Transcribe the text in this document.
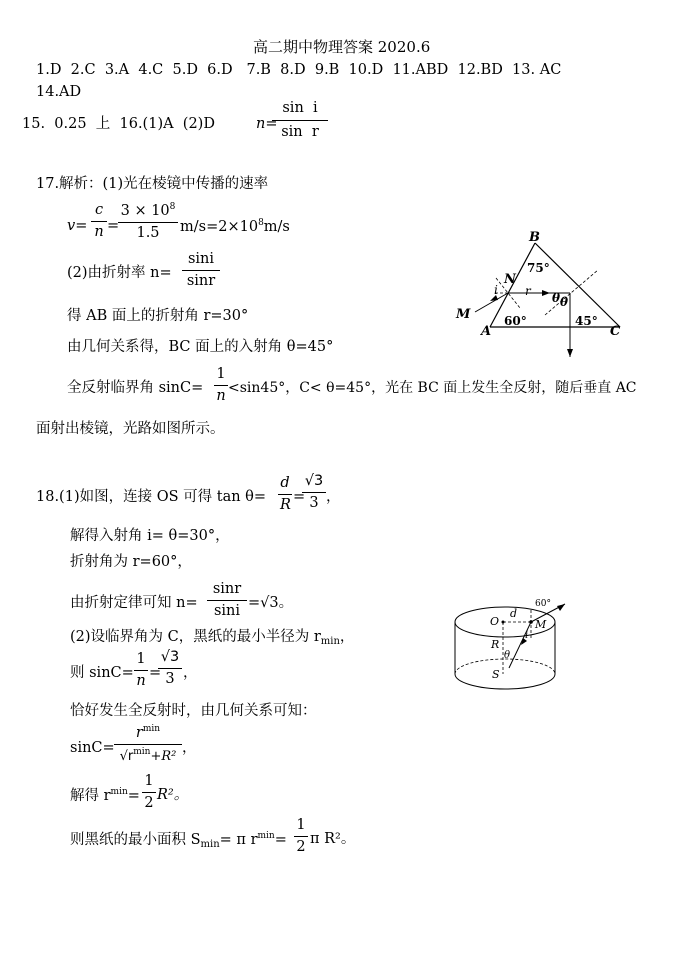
高二期中物理答案 2020.6
1.D  2.C  3.A  4.C  5.D  6.D   7.B  8.D  9.B  10.D  11.ABD  12.BD  13. AC
14.AD
15.  0.25  上  16.(1)A  (2)D	n=
$\frac{\text{sin  i}}{\text{sin  r}}$
17.解析：(1)光在棱镜中传播的速率
$v= \frac{c}{n}$ =
$\frac{3 \times 10^8}{1.5} m/s=2\times 10^8m/s$
(2)由折射率 $n= \frac{\sin i}{\sin r}$
得 AB 面上的折射角 r=30°
由几何关系得，BC 面上的入射角 θ=45°
全反射临界角 $\sin C= \frac{1}{n} <\sin 45^\circ$，C< θ=45°，光在 BC 面上发生全反射，随后垂直 AC
面射出棱镜，光路如图所示。
B
75°
N
i r θ θ
M	60°	45°
A	C
18.(1)如图，连接 OS 可得 $\tan \theta= \frac{d}{R}$ =
$\frac{√3}{3}$ ，
解得入射角 i= θ=30°，
折射角为 r=60°，
由折射定律可知 $n= \frac{\sin r}{\sin i} =√3$。
(2)设临界角为 C，黑纸的最小半径为 $r_{min}$，
则 $\sin C= \frac{1}{n}$ =
$\frac{√3}{3}$ ，
恰好发生全反射时，由几何关系可知：
sinC=
$r^{min}$
$√r^{min}+R^2$ ，
解得 $r^{min}= \frac{1}{2} R^2$。
则黑纸的最小面积 $S_{min}= \pi$ $r^{min}= \frac{1}{2}$ π R²。
60°
d
O	M
i
R
θ
S
